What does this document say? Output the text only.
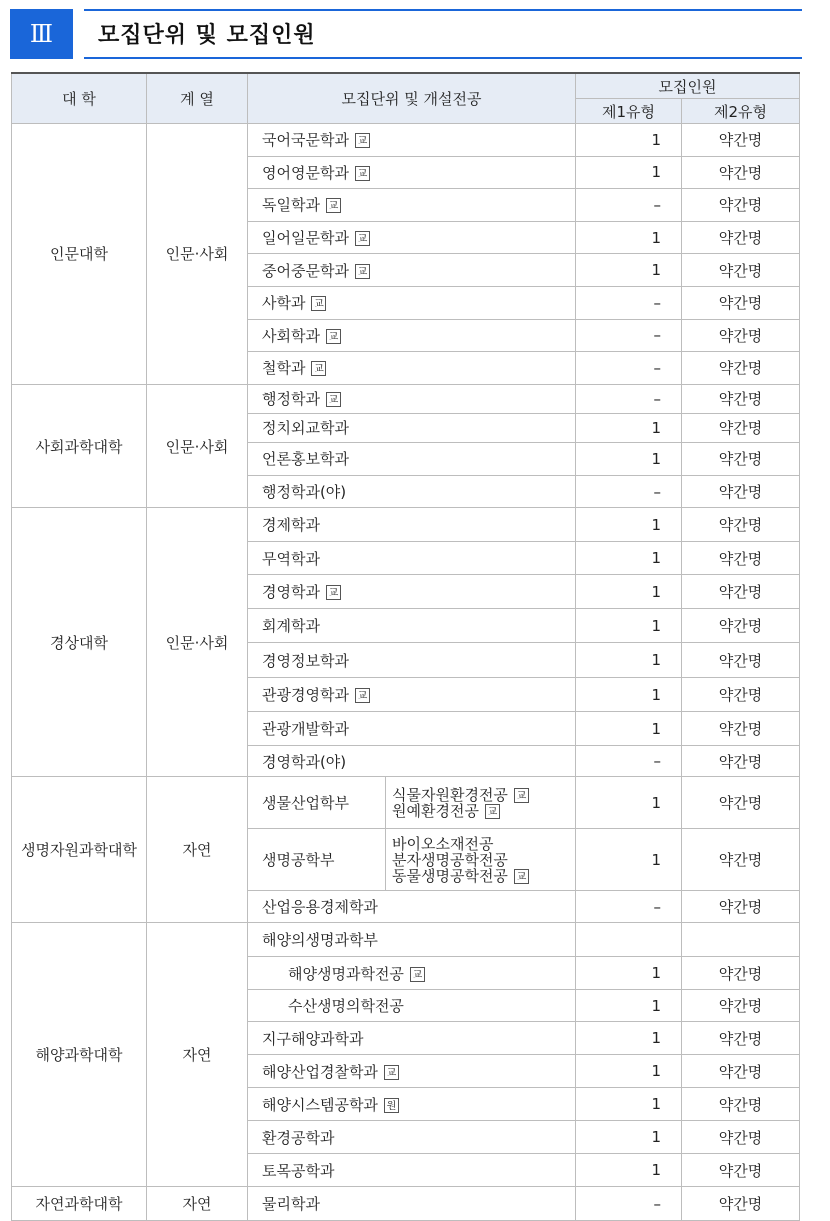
Ⅲ	모집단위 및 모집인원
대 학	계 열	모집단위 및 개설전공		모집인원	
				제1유형	제2유형
인문대학	인문·사회	국어국문학과 교		1	약간명
		영어영문학과 교		1	약간명
		독일학과 교		–	약간명
		일어일문학과 교		1	약간명
		중어중문학과 교		1	약간명
		사학과 교		–	약간명
		사회학과 교		–	약간명
		철학과 교		–	약간명
사회과학대학	인문·사회	행정학과 교		–	약간명
		정치외교학과		1	약간명
		언론홍보학과		1	약간명
		행정학과(야)		–	약간명
경상대학	인문·사회	경제학과		1	약간명
		무역학과		1	약간명
		경영학과 교		1	약간명
		회계학과		1	약간명
		경영정보학과		1	약간명
		관광경영학과 교		1	약간명
		관광개발학과		1	약간명
		경영학과(야)		–	약간명
생명자원과학대학	자연	생물산업학부	식물자원환경전공 교
원예환경전공 교	1	약간명
		생명공학부	바이오소재전공
분자생명공학전공
동물생명공학전공 교	1	약간명
		산업응용경제학과		–	약간명
해양과학대학	자연	해양의생명과학부			
		해양생명과학전공 교		1	약간명
		수산생명의학전공		1	약간명
		지구해양과학과		1	약간명
		해양산업경찰학과 교		1	약간명
		해양시스템공학과 원		1	약간명
		환경공학과		1	약간명
		토목공학과		1	약간명
자연과학대학	자연	물리학과		–	약간명
